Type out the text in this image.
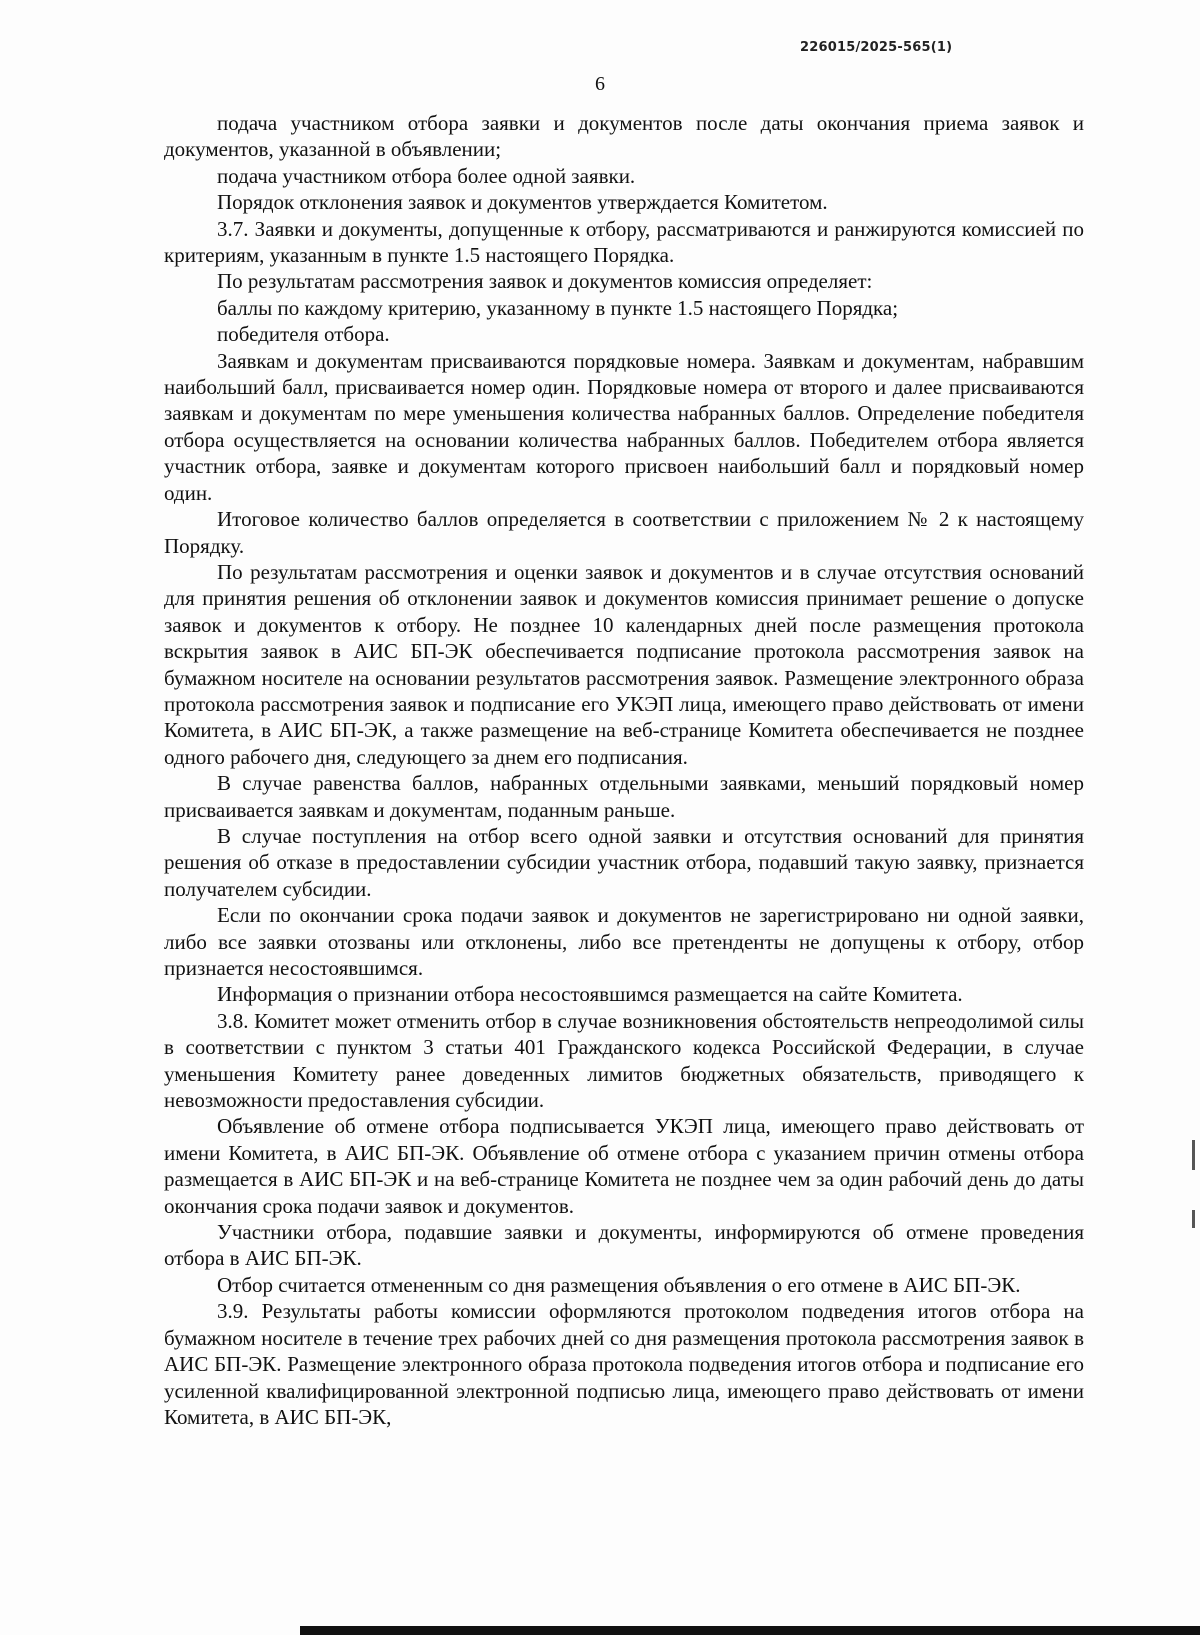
226015/2025-565(1)
6

подача участником отбора заявки и документов после даты окончания приема заявок и документов, указанной в объявлении;

подача участником отбора более одной заявки.

Порядок отклонения заявок и документов утверждается Комитетом.

3.7. Заявки и документы, допущенные к отбору, рассматриваются и ранжируются комиссией по критериям, указанным в пункте 1.5 настоящего Порядка.

По результатам рассмотрения заявок и документов комиссия определяет:

баллы по каждому критерию, указанному в пункте 1.5 настоящего Порядка;

победителя отбора.

Заявкам и документам присваиваются порядковые номера. Заявкам и документам, набравшим наибольший балл, присваивается номер один. Порядковые номера от второго и далее присваиваются заявкам и документам по мере уменьшения количества набранных баллов. Определение победителя отбора осуществляется на основании количества набранных баллов. Победителем отбора является участник отбора, заявке и документам которого присвоен наибольший балл и порядковый номер один.

Итоговое количество баллов определяется в соответствии с приложением № 2 к настоящему Порядку.

По результатам рассмотрения и оценки заявок и документов и в случае отсутствия оснований для принятия решения об отклонении заявок и документов комиссия принимает решение о допуске заявок и документов к отбору. Не позднее 10 календарных дней после размещения протокола вскрытия заявок в АИС БП-ЭК обеспечивается подписание протокола рассмотрения заявок на бумажном носителе на основании результатов рассмотрения заявок. Размещение электронного образа протокола рассмотрения заявок и подписание его УКЭП лица, имеющего право действовать от имени Комитета, в АИС БП-ЭК, а также размещение на веб-странице Комитета обеспечивается не позднее одного рабочего дня, следующего за днем его подписания.

В случае равенства баллов, набранных отдельными заявками, меньший порядковый номер присваивается заявкам и документам, поданным раньше.

В случае поступления на отбор всего одной заявки и отсутствия оснований для принятия решения об отказе в предоставлении субсидии участник отбора, подавший такую заявку, признается получателем субсидии.

Если по окончании срока подачи заявок и документов не зарегистрировано ни одной заявки, либо все заявки отозваны или отклонены, либо все претенденты не допущены к отбору, отбор признается несостоявшимся.

Информация о признании отбора несостоявшимся размещается на сайте Комитета.

3.8. Комитет может отменить отбор в случае возникновения обстоятельств непреодолимой силы в соответствии с пунктом 3 статьи 401 Гражданского кодекса Российской Федерации, в случае уменьшения Комитету ранее доведенных лимитов бюджетных обязательств, приводящего к невозможности предоставления субсидии.

Объявление об отмене отбора подписывается УКЭП лица, имеющего право действовать от имени Комитета, в АИС БП-ЭК. Объявление об отмене отбора с указанием причин отмены отбора размещается в АИС БП-ЭК и на веб-странице Комитета не позднее чем за один рабочий день до даты окончания срока подачи заявок и документов.

Участники отбора, подавшие заявки и документы, информируются об отмене проведения отбора в АИС БП-ЭК.

Отбор считается отмененным со дня размещения объявления о его отмене в АИС БП-ЭК.

3.9. Результаты работы комиссии оформляются протоколом подведения итогов отбора на бумажном носителе в течение трех рабочих дней со дня размещения протокола рассмотрения заявок в АИС БП-ЭК. Размещение электронного образа протокола подведения итогов отбора и подписание его усиленной квалифицированной электронной подписью лица, имеющего право действовать от имени Комитета, в АИС БП-ЭК,
